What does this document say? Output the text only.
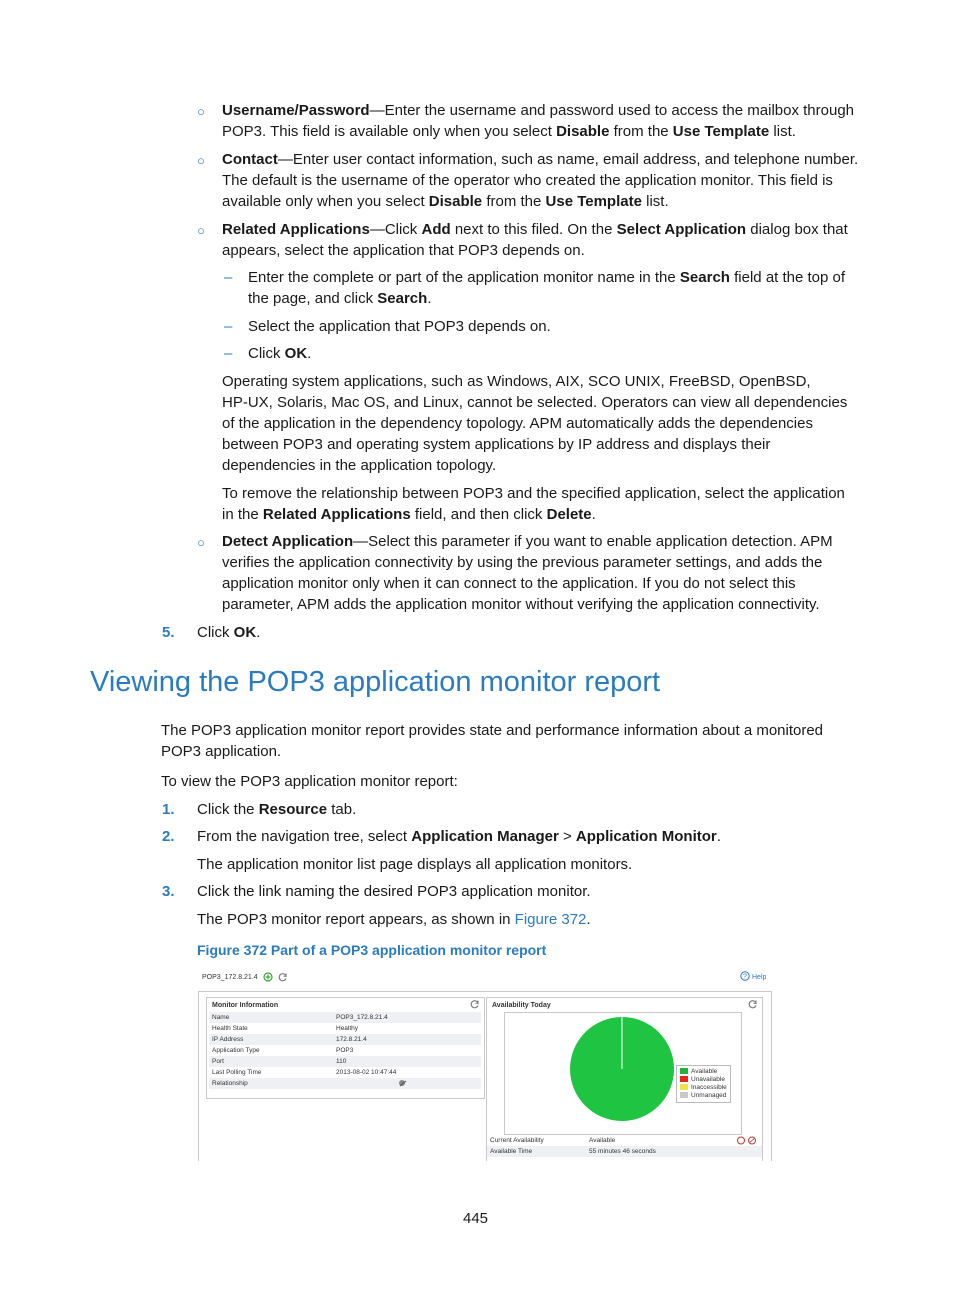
○ Username/Password—Enter the username and password used to access the mailbox through
POP3. This field is available only when you select Disable from the Use Template list.
○ Contact—Enter user contact information, such as name, email address, and telephone number.
The default is the username of the operator who created the application monitor. This field is
available only when you select Disable from the Use Template list.
○ Related Applications—Click Add next to this filed. On the Select Application dialog box that
appears, select the application that POP3 depends on.
– Enter the complete or part of the application monitor name in the Search field at the top of
the page, and click Search.
– Select the application that POP3 depends on.
– Click OK.
Operating system applications, such as Windows, AIX, SCO UNIX, FreeBSD, OpenBSD,
HP-UX, Solaris, Mac OS, and Linux, cannot be selected. Operators can view all dependencies
of the application in the dependency topology. APM automatically adds the dependencies
between POP3 and operating system applications by IP address and displays their
dependencies in the application topology.
To remove the relationship between POP3 and the specified application, select the application
in the Related Applications field, and then click Delete.
○ Detect Application—Select this parameter if you want to enable application detection. APM
verifies the application connectivity by using the previous parameter settings, and adds the
application monitor only when it can connect to the application. If you do not select this
parameter, APM adds the application monitor without verifying the application connectivity.
5. Click OK.
Viewing the POP3 application monitor report
The POP3 application monitor report provides state and performance information about a monitored
POP3 application.
To view the POP3 application monitor report:
1. Click the Resource tab.
2. From the navigation tree, select Application Manager > Application Monitor.
The application monitor list page displays all application monitors.
3. Click the link naming the desired POP3 application monitor.
The POP3 monitor report appears, as shown in Figure 372.
Figure 372 Part of a POP3 application monitor report
POP3_172.8.21.4	? Help
Monitor Information
Name	POP3_172.8.21.4
Health State	Healthy
IP Address	172.8.21.4
Application Type	POP3
Port	110
Last Polling Time	2013-08-02 10:47:44
Relationship	
Availability Today
Available
Unavailable
Inaccessible
Unmanaged
Current Availability	Available	
Available Time	55 minutes 46 seconds	
445
